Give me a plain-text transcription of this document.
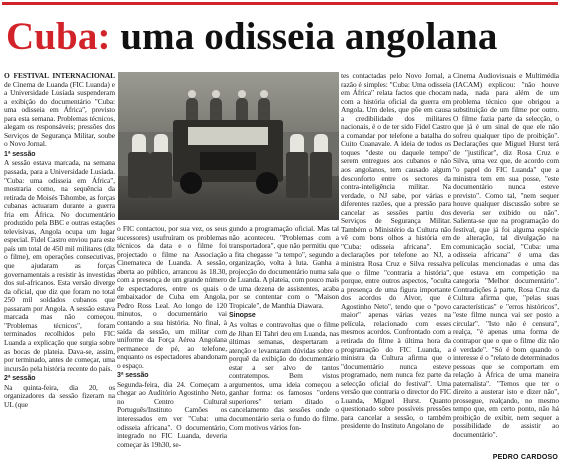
Cuba: uma odisseia angolana

O FESTIVAL INTERNACIONAL de Cinema de Luanda (FIC Luanda) e a Universidade Lusíada suspenderam a exibição do documentário "Cuba: uma odisseia em África", previsto para esta semana. Problemas técnicos, alegam os responsáveis; pressões dos Serviços de Segurança Militar, soube o Novo Jornal.

1ª sessão

A sessão estava marcada, na semana passada, para a Universidade Lusíada. "Cuba: uma odisseia em África", mostraria como, na sequência da retirada de Moisés Tshombe, as forças cubanas actuaram durante a guerra fria em África. No documentário produzido pela BBC e outras estações televisivas, Angola ocupa um lugar especial. Fidel Castro enviou para este país um total de 450 mil militares (diz o filme), em operações consecutivas, que ajudaram as forças governamentais a resistir às investidas dos sul-africanos. Esta versão diverge da oficial, que diz que foram no total 250 mil soldados cubanos que passaram por Angola. A sessão estava marcada mas não começou. "Problemas técnicos", foram terminados recolhidos pelo FIC Luanda a explicação que surgia sobre as bocas de plateia. Dava-se, assim, por terminado, antes de começar, uma incursão pela história recente do país.

2ª sessão

Na quinta-feira, dia 20, os organizadores da sessão fizeram na UL (que

o FIC contactou, por sua vez, os seus sucessores) usufruíram os problemas técnicos da data e o filme foi projectado o filme na Associação Cinemateca de Luanda. A sessão, aberta ao público, arrancou às 18.30, com a presença de um grande número de espectadores, entre os quais o embaixador de Cuba em Angola, Pedro Ross Leal. Ao longo de 120 minutos, o documentário vai contando a sua história. No final, à saída da sessão, um militar com uniforme da Força Aérea Angolana permanece de pé, ao telefone, enquanto os espectadores abandonam o espaço.

3ª sessão

Segunda-feira, dia 24. Começam a chegar ao Auditório Agostinho Neto, no Centro Cultural Português/Instituto Camões os interessados em ver "Cuba: uma odisseia africana". O documentário, integrado no FIC Luanda, deveria começar às 19h30, se-

gundo a programação oficial. Mas tal não aconteceu. "Problemas com a transportadora", que não permitiu que a fita chegasse "a tempo", segundo a organização, volta à luta. Ganha a projecção do documentário numa sala de Luanda. A plateia, com pouco mais de uma dezena de assistentes, acaba por se contentar com o "Maison Tropicale", de Manthia Diawara.

Sinopse

As voltas e contravoltas que o filme de Jihan El Tahri deu em Luanda, nas últimas semanas, despertaram a atenção e levantaram dúvidas sobre o porquê da exibição do documentário estar a ser alvo de tantos contratempos. Bem vistos argumentos, uma ideia começou a ganhar forma: os famosos "ordens superiores" teriam ditado o cancelamento das sessões onde o documentário seria o fundo do filme. Com motivos vários fon-

tes contactadas pelo Novo Jornal, a razão é simples: "Cuba: Uma odisseia em África" relata factos que chocam com a história oficial da guerra em Angola. Um deles, que põe em causa a credibilidade dos militares nacionais, é o de ter sido Fidel Castro a comandar por telefone a batalha do Cuito Cuanavale. A ideia de todos os toques "deste ou daquele tempo" serem entregues aos cubanos e não aos angolanos, tem causado algum desconforto entre os sectores da contra-inteligência militar. Na verdade, o NJ sabe, por várias e diferentes razões, que a pressão para cancelar as sessões partiu dos Serviços de Segurança Militar. Também o Ministério da Cultura não vê com bons olhos a história em "Cuba: odisseia africana". Em declarações por telefone ao NJ, a ministra Rosa Cruz e Silva ressalva que o filme "contraria a história", porque, entre outros aspectos, "oculta a presença de uma figura importante dos acordos do Alvor, que é Agostinho Neto", tendo que o "povo maior" apenas várias vezes na película, relacionado com esses mesmos acordos. Confrontado com a retirada do filme à última hora da programação do FIC Luanda, a ministra da Cultura afirma que o "documentário nunca esteve programado, nem nunca fez parte da selecção oficial do festival". Uma versão que contraria o director do FIC Luanda, Miguel Hurst. Quanto questionado sobre possíveis pressões para cancelar a sessão, o também presidente do Instituto Angolano de

Cinema Audiovisuais e Multimédia (IACAM) explicou: "não houve nada, nada para além de um problema técnico que obrigou a substituição de um filme por outro. O filme fazia parte da selecção, o que já é um sinal de que ele não sofreu qualquer tipo de proibição". Declarações que Miguel Hurst terá de "justificar", diz Rosa Cruz e Silva, uma vez que, de acordo com "o papel do FIC Luanda" que a ministra tem em sua posse, "este documentário nunca esteve previsto". Como tal, "nem sequer houve qualquer discussão sobre se deveria ser exibido ou não". Salienta-se que na programação do festival, que já foi alguma espécie de alteração, tal divulgação na comunicação social, "Cuba: uma odisseia africana" é uma das películas mencionadas e uma das que estava em competição na categoria "Melhor documentário". Contradições à parte, Rosa Cruz da Cultura afirma que, "pelas suas características" e "erros históricos", "este filme nunca vai ser posto a circular". "Isto não é censura", realça, "é apenas uma forma de contrapor que o que o filme diz não é verdade". "Só é bom quando o interesse é o "relato de determinados pessoas que se comportam em relação à África de uma maneira paternalista". "Temos que ter o direito a austerar isto e dizer não", prossegue, realçando, no mesmo tempo que, em certo ponto, não há proibição de exibir, nem sequer a possibilidade de assistir ao documentário".

PEDRO CARDOSO
